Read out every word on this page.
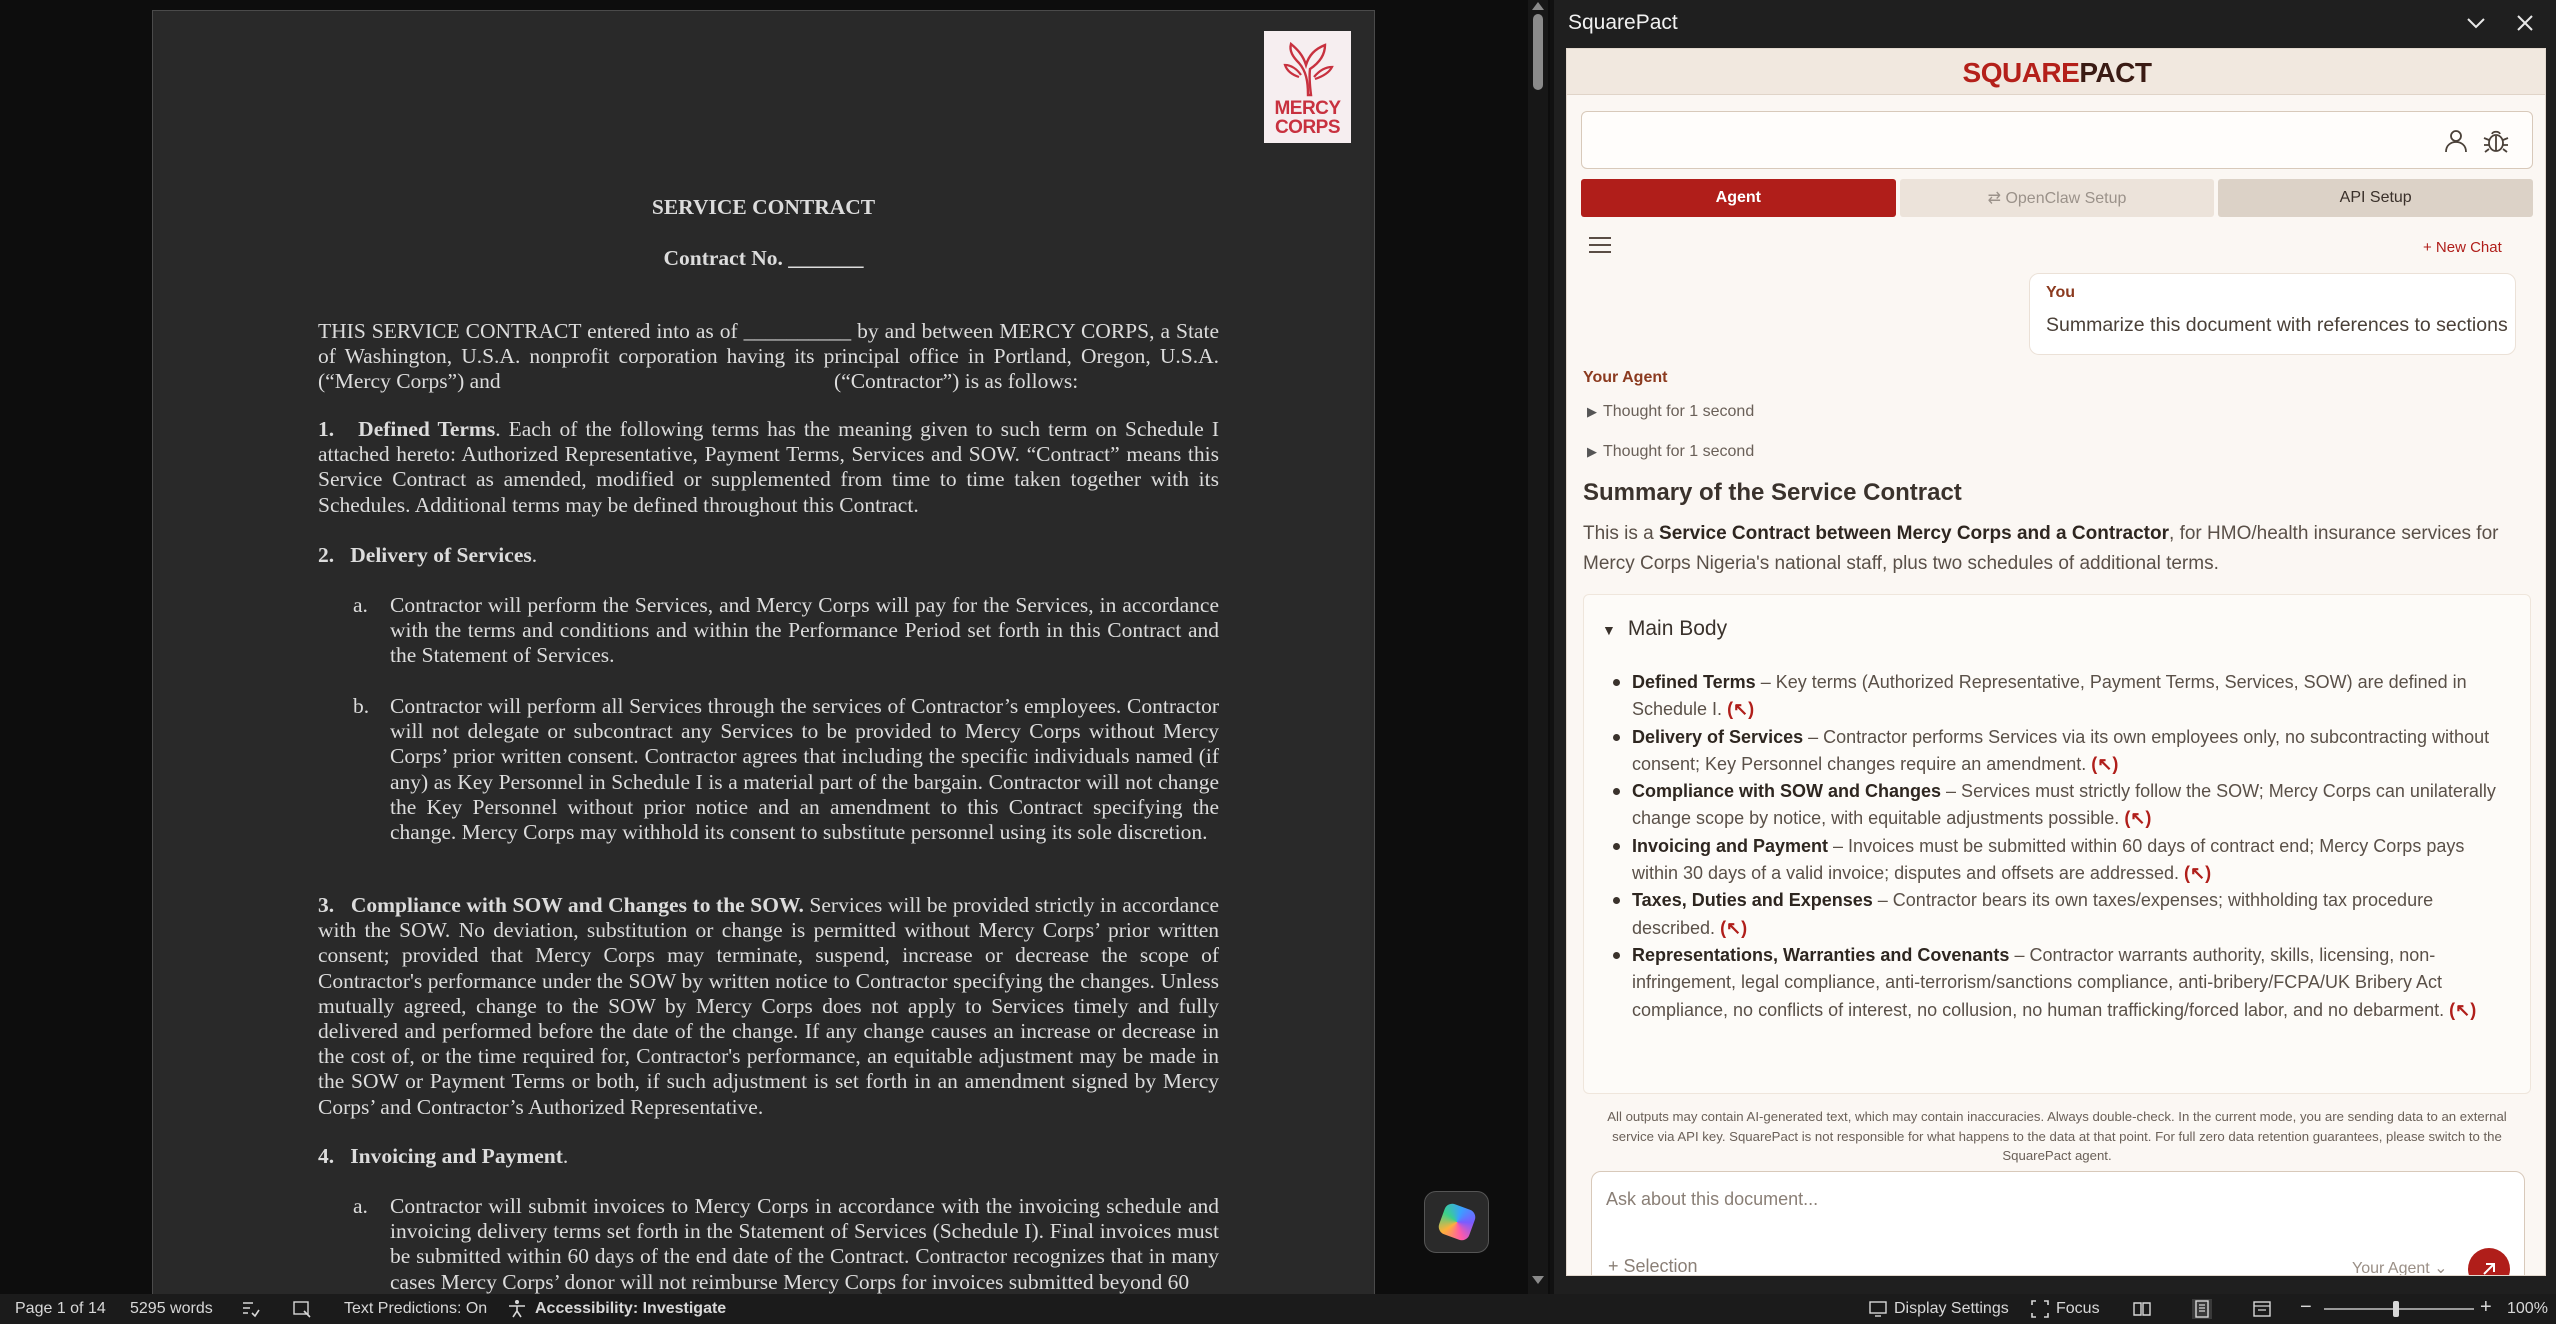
MERCY
CORPS
SERVICE CONTRACT
Contract No. _______
THIS SERVICE CONTRACT entered into as of __________ by and between MERCY CORPS, a State
of Washington, U.S.A. nonprofit corporation having its principal office in Portland, Oregon, U.S.A.
(“Mercy Corps”) and	(“Contractor”) is as follows:
1. Defined Terms. Each of the following terms has the meaning given to such term on Schedule I attached hereto: Authorized Representative, Payment Terms, Services and SOW. “Contract” means this Service Contract as amended, modified or supplemented from time to time taken together with its Schedules. Additional terms may be defined throughout this Contract.
2. Delivery of Services.
a. Contractor will perform the Services, and Mercy Corps will pay for the Services, in accordance with the terms and conditions and within the Performance Period set forth in this Contract and the Statement of Services.
b. Contractor will perform all Services through the services of Contractor’s employees. Contractor will not delegate or subcontract any Services to be provided to Mercy Corps without Mercy Corps’ prior written consent. Contractor agrees that including the specific individuals named (if any) as Key Personnel in Schedule I is a material part of the bargain. Contractor will not change the Key Personnel without prior notice and an amendment to this Contract specifying the change. Mercy Corps may withhold its consent to substitute personnel using its sole discretion.
3. Compliance with SOW and Changes to the SOW. Services will be provided strictly in accordance with the SOW. No deviation, substitution or change is permitted without Mercy Corps’ prior written consent; provided that Mercy Corps may terminate, suspend, increase or decrease the scope of Contractor's performance under the SOW by written notice to Contractor specifying the changes. Unless mutually agreed, change to the SOW by Mercy Corps does not apply to Services timely and fully delivered and performed before the date of the change. If any change causes an increase or decrease in the cost of, or the time required for, Contractor's performance, an equitable adjustment may be made in the SOW or Payment Terms or both, if such adjustment is set forth in an amendment signed by Mercy Corps’ and Contractor’s Authorized Representative.
4. Invoicing and Payment.
a. Contractor will submit invoices to Mercy Corps in accordance with the invoicing schedule and invoicing delivery terms set forth in the Statement of Services (Schedule I). Final invoices must be submitted within 60 days of the end date of the Contract. Contractor recognizes that in many cases Mercy Corps’ donor will not reimburse Mercy Corps for invoices submitted beyond 60
SquarePact
SQUAREPACT
Agent	⇄ OpenClaw Setup	API Setup
+ New Chat
You
Summarize this document with references to sections
Your Agent
▶ Thought for 1 second
▶ Thought for 1 second
Summary of the Service Contract
This is a Service Contract between Mercy Corps and a Contractor, for HMO/health insurance services for Mercy Corps Nigeria's national staff, plus two schedules of additional terms.
▼ Main Body
Defined Terms – Key terms (Authorized Representative, Payment Terms, Services, SOW) are defined in Schedule I. (↖)
Delivery of Services – Contractor performs Services via its own employees only, no subcontracting without consent; Key Personnel changes require an amendment. (↖)
Compliance with SOW and Changes – Services must strictly follow the SOW; Mercy Corps can unilaterally change scope by notice, with equitable adjustments possible. (↖)
Invoicing and Payment – Invoices must be submitted within 60 days of contract end; Mercy Corps pays within 30 days of a valid invoice; disputes and offsets are addressed. (↖)
Taxes, Duties and Expenses – Contractor bears its own taxes/expenses; withholding tax procedure described. (↖)
Representations, Warranties and Covenants – Contractor warrants authority, skills, licensing, non-infringement, legal compliance, anti-terrorism/sanctions compliance, anti-bribery/FCPA/UK Bribery Act compliance, no conflicts of interest, no collusion, no human trafficking/forced labor, and no debarment. (↖)
All outputs may contain AI-generated text, which may contain inaccuracies. Always double-check. In the current mode, you are sending data to an external service via API key. SquarePact is not responsible for what happens to the data at that point. For full zero data retention guarantees, please switch to the SquarePact agent.
Ask about this document...
+ Selection	Your Agent ⌄
Page 1 of 14 5295 words	Text Predictions: On	Accessibility: Investigate	Display Settings	Focus	−	+ 100%
